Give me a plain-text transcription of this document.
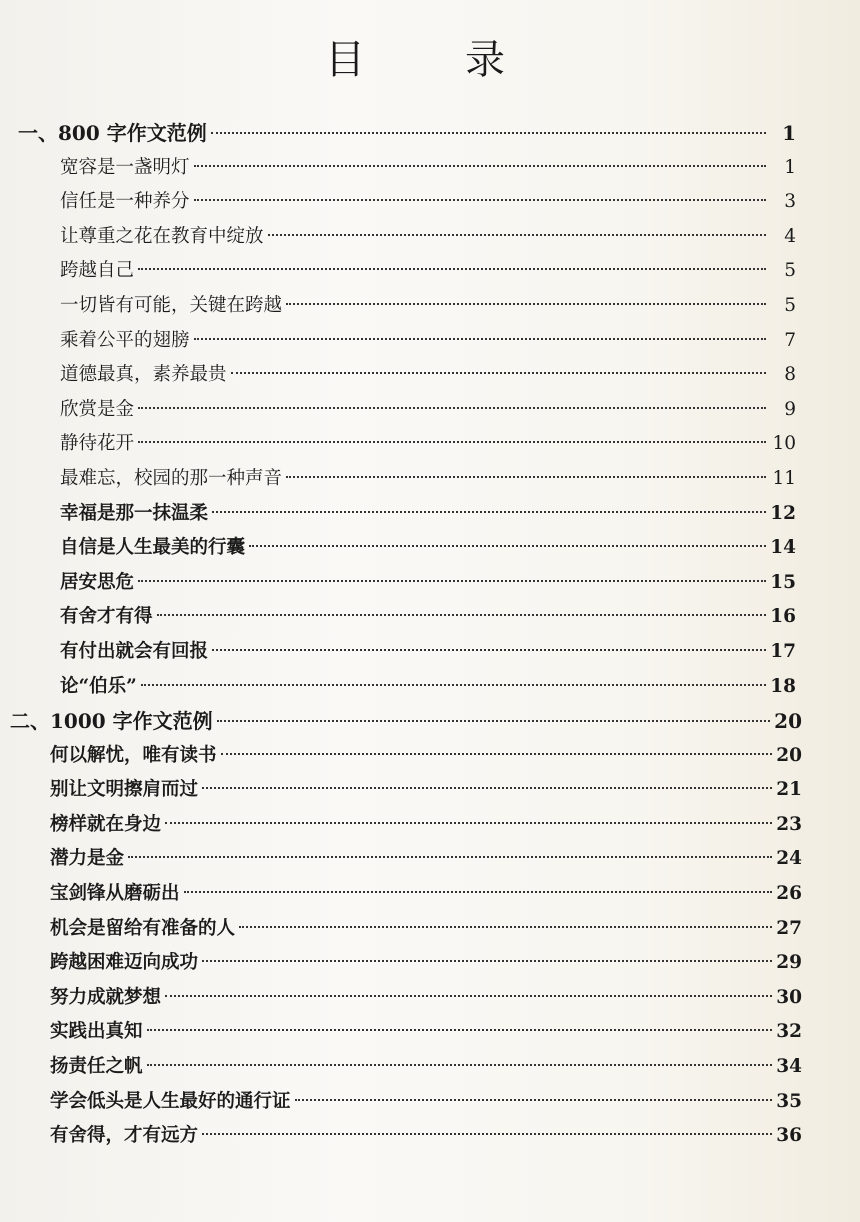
目　录
一、800 字作文范例	1
宽容是一盏明灯	1
信任是一种养分	3
让尊重之花在教育中绽放	4
跨越自己	5
一切皆有可能，关键在跨越	5
乘着公平的翅膀	7
道德最真，素养最贵	8
欣赏是金	9
静待花开	10
最难忘，校园的那一种声音	11
幸福是那一抹温柔	12
自信是人生最美的行囊	14
居安思危	15
有舍才有得	16
有付出就会有回报	17
论“伯乐”	18
二、1000 字作文范例	20
何以解忧，唯有读书	20
别让文明擦肩而过	21
榜样就在身边	23
潜力是金	24
宝剑锋从磨砺出	26
机会是留给有准备的人	27
跨越困难迈向成功	29
努力成就梦想	30
实践出真知	32
扬责任之帆	34
学会低头是人生最好的通行证	35
有舍得，才有远方	36
